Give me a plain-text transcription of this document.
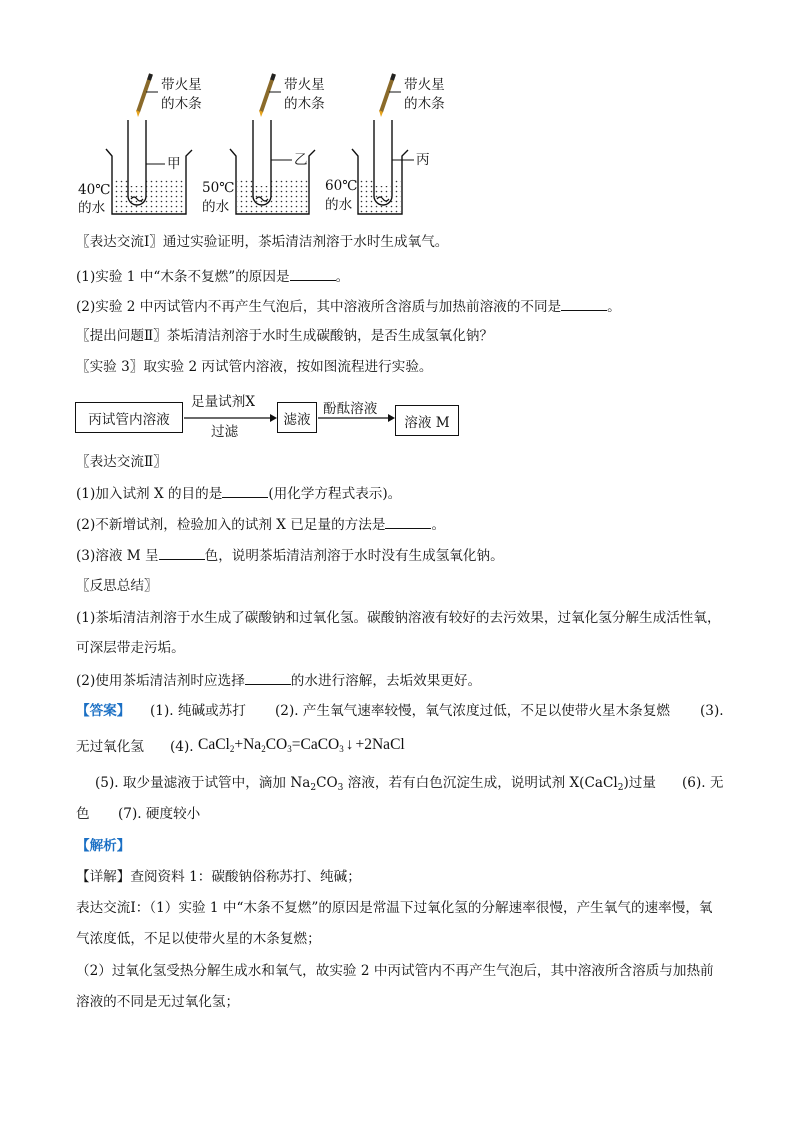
带火星
的木条
带火星
的木条
带火星
的木条
甲	乙	丙
40℃
的水
50℃
的水
60℃
的水
〖表达交流Ⅰ〗通过实验证明，茶垢清洁剂溶于水时生成氧气。
(1)实验 1 中“木条不复燃”的原因是	。
(2)实验 2 中丙试管内不再产生气泡后，其中溶液所含溶质与加热前溶液的不同是	。
〖提出问题Ⅱ〗茶垢清洁剂溶于水时生成碳酸钠，是否生成氢氧化钠？
〖实验 3〗取实验 2 丙试管内溶液，按如图流程进行实验。
丙试管内溶液
足量试剂X
过滤
滤液
酚酞溶液
溶液 M
〖表达交流Ⅱ〗
(1)加入试剂 X 的目的是	(用化学方程式表示)。
(2)不新增试剂，检验加入的试剂 X 已足量的方法是	。
(3)溶液 M 呈	色，说明茶垢清洁剂溶于水时没有生成氢氧化钠。
〖反思总结〗
(1)茶垢清洁剂溶于水生成了碳酸钠和过氧化氢。碳酸钠溶液有较好的去污效果，过氧化氢分解生成活性氧，
可深层带走污垢。
(2)使用茶垢清洁剂时应选择	的水进行溶解，去垢效果更好。
【答案】 (1). 纯碱或苏打 (2). 产生氧气速率较慢，氧气浓度过低，不足以使带火星木条复燃 (3).
无过氧化氢 (4). $CaCl_2+Na_2CO_3=CaCO_3$ ↓ +2NaCl
(5). 取少量滤液于试管中，滴加 $Na_2CO_3$ 溶液，若有白色沉淀生成，说明试剂 X(CaCl$_2$)过量 (6). 无
色 (7). 硬度较小
【解析】
【详解】查阅资料 1：碳酸钠俗称苏打、纯碱；
表达交流Ⅰ：（1）实验 1 中“木条不复燃”的原因是常温下过氧化氢的分解速率很慢，产生氧气的速率慢，氧
气浓度低，不足以使带火星的木条复燃；
（2）过氧化氢受热分解生成水和氧气，故实验 2 中丙试管内不再产生气泡后，其中溶液所含溶质与加热前
溶液的不同是无过氧化氢；
